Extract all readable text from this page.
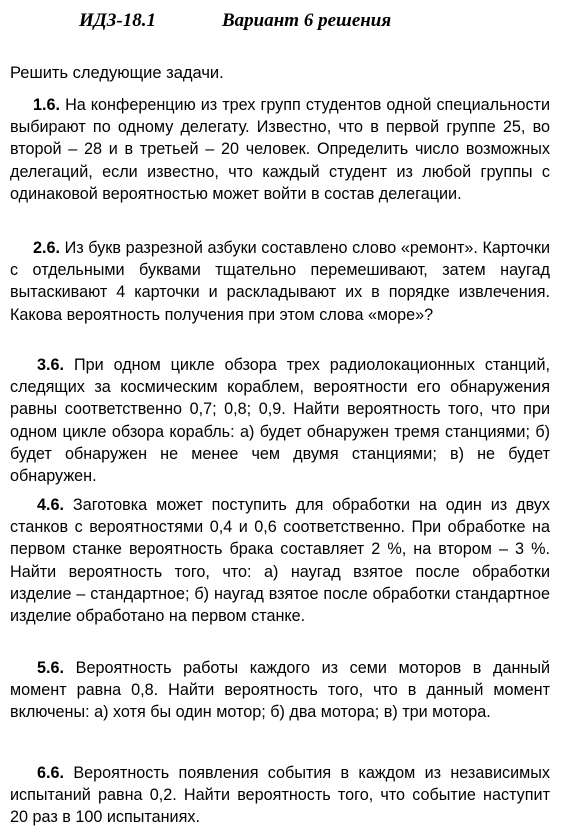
ИДЗ-18.1	Вариант 6 решения
Решить следующие задачи.

1.6. На конференцию из трех групп студентов одной специальности выбирают по одному делегату. Известно, что в первой группе 25, во второй – 28 и в третьей – 20 человек. Определить число возможных делегаций, если известно, что каждый студент из любой группы с одинаковой вероятностью может войти в состав делегации.

2.6. Из букв разрезной азбуки составлено слово «ремонт». Карточки с отдельными буквами тщательно перемешивают, затем наугад вытаскивают 4 карточки и раскладывают их в порядке извлечения. Какова вероятность получения при этом слова «море»?

3.6. При одном цикле обзора трех радиолокационных станций, следящих за космическим кораблем, вероятности его обнаружения равны соответственно 0,7; 0,8; 0,9. Найти вероятность того, что при одном цикле обзора корабль: а) будет обнаружен тремя станциями; б) будет обнаружен не менее чем двумя станциями; в) не будет обнаружен.

4.6. Заготовка может поступить для обработки на один из двух станков с вероятностями 0,4 и 0,6 соответственно. При обработке на первом станке вероятность брака составляет 2 %, на втором – 3 %. Найти вероятность того, что: а) наугад взятое после обработки изделие – стандартное; б) наугад взятое после обработки стандартное изделие обработано на первом станке.

5.6. Вероятность работы каждого из семи моторов в данный момент равна 0,8. Найти вероятность того, что в данный момент включены: а) хотя бы один мотор; б) два мотора; в) три мотора.

6.6. Вероятность появления события в каждом из независимых испытаний равна 0,2. Найти вероятность того, что событие наступит 20 раз в 100 испытаниях.
